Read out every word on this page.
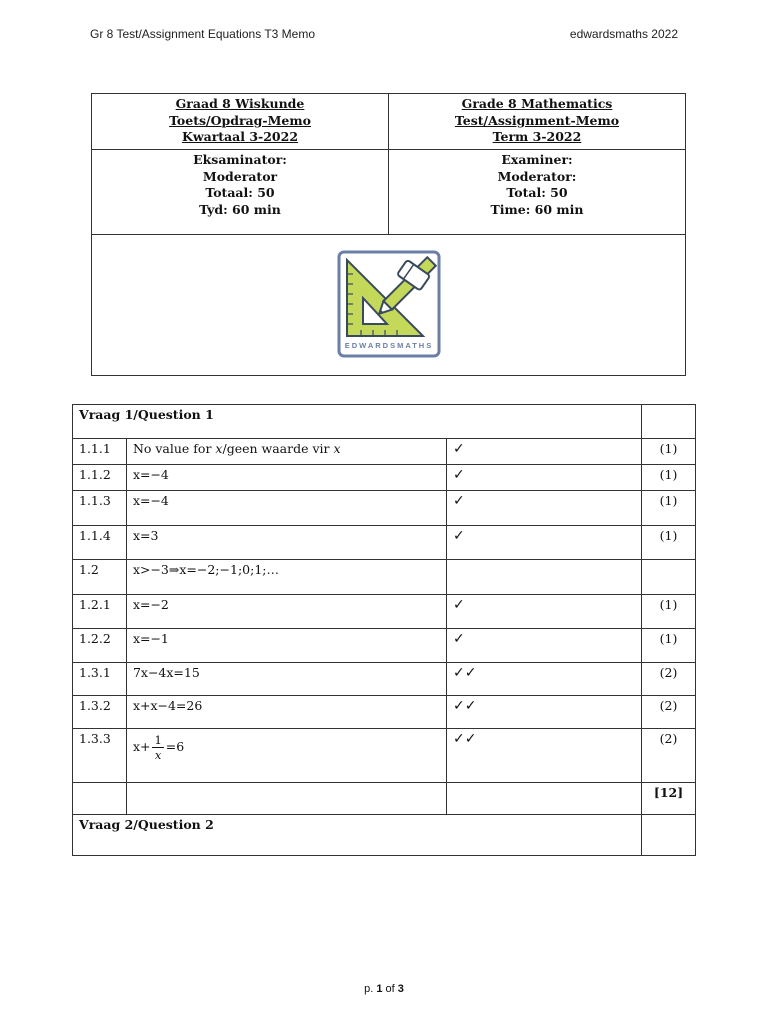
Gr 8 Test/Assignment Equations T3 Memo	edwardsmaths 2022
Graad 8 Wiskunde
Toets/Opdrag-Memo
Kwartaal 3-2022
Grade 8 Mathematics
Test/Assignment-Memo
Term 3-2022
Eksaminator:
Moderator
Totaal: 50
Tyd: 60 min
Examiner:
Moderator:
Total: 50
Time: 60 min
EDWARDSMATHS
Vraag 1/Question 1			
1.1.1	No value for x/geen waarde vir x	✓	(1)
1.1.2	x=−4	✓	(1)
1.1.3	x=−4	✓	(1)
1.1.4	x=3	✓	(1)
1.2	x>−3⇒x=−2;−1;0;1;…		
1.2.1	x=−2	✓	(1)
1.2.2	x=−1	✓	(1)
1.3.1	7x−4x=15	✓✓	(2)
1.3.2	x+x−4=26	✓✓	(2)
1.3.3	$x+ \frac{1}{x} =6$	✓✓	(2)
			[12]
Vraag 2/Question 2			
p. 1 of 3
